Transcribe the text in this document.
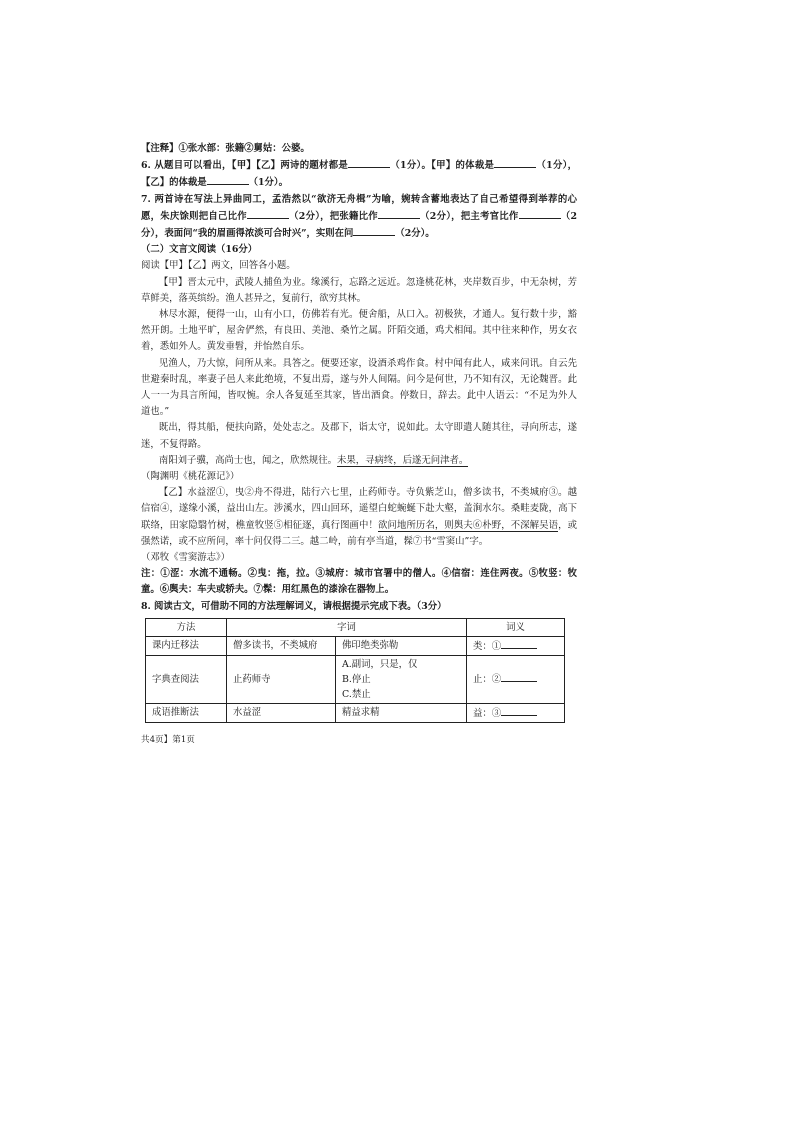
【注释】①张水部：张籍②舅姑：公婆。

6. 从题目可以看出，【甲】【乙】两诗的题材都是	（1分）。【甲】的体裁是	（1分），【乙】的体裁是	（1分）。

7. 两首诗在写法上异曲同工，孟浩然以“欲济无舟楫”为喻，婉转含蓄地表达了自己希望得到举荐的心愿，朱庆馀则把自己比作	（2分），把张籍比作	（2分），把主考官比作	（2分），表面问“我的眉画得浓淡可合时兴”，实则在问	（2分）。

（二）文言文阅读（16分）

阅读【甲】【乙】两文，回答各小题。

【甲】晋太元中，武陵人捕鱼为业。缘溪行，忘路之远近。忽逢桃花林，夹岸数百步，中无杂树，芳草鲜美，落英缤纷。渔人甚异之，复前行，欲穷其林。

林尽水源，便得一山，山有小口，仿佛若有光。便舍船，从口入。初极狭，才通人。复行数十步，豁然开朗。土地平旷，屋舍俨然，有良田、美池、桑竹之属。阡陌交通，鸡犬相闻。其中往来种作，男女衣着，悉如外人。黄发垂髫，并怡然自乐。

见渔人，乃大惊，问所从来。具答之。便要还家，设酒杀鸡作食。村中闻有此人，咸来问讯。自云先世避秦时乱，率妻子邑人来此绝境，不复出焉，遂与外人间隔。问今是何世，乃不知有汉，无论魏晋。此人一一为具言所闻，皆叹惋。余人各复延至其家，皆出酒食。停数日，辞去。此中人语云：“不足为外人道也。”

既出，得其船，便扶向路，处处志之。及郡下，诣太守，说如此。太守即遣人随其往，寻向所志，遂迷，不复得路。

南阳刘子骥，高尚士也，闻之，欣然规往。未果，寻病终，后遂无问津者。

（陶渊明《桃花源记》）

【乙】水益涩①，曳②舟不得进，陆行六七里，止药师寺。寺负紫芝山，僧多读书，不类城府③。越信宿④，遂缘小溪，益出山左。涉溪水，四山回环，遥望白蛇蜿蜒下赴大壑，盖涧水尔。桑畦麦陇，高下联络，田家隐翳竹树，樵童牧竖⑤相征逐，真行图画中！欲问地所历名，则舆夫⑥朴野，不深解吴语，或强然诺，或不应所问，率十问仅得二三。越二岭，前有亭当道，髹⑦书“雪窦山”字。

（邓牧《雪窦游志》）

注：①涩：水流不通畅。②曳：拖，拉。③城府：城市官署中的僧人。④信宿：连住两夜。⑤牧竖：牧童。⑥舆夫：车夫或轿夫。⑦髹：用红黑色的漆涂在器物上。

8. 阅读古文，可借助不同的方法理解词义，请根据提示完成下表。（3分）

方法	字词		词义
课内迁移法	僧多读书，不类城府	佛印绝类弥勒	类：①
字典查阅法	止药师寺	A.副词，只是，仅
B.停止
C.禁止	止：②
成语推断法	水益涩	精益求精	益：③
共4页】第1页
